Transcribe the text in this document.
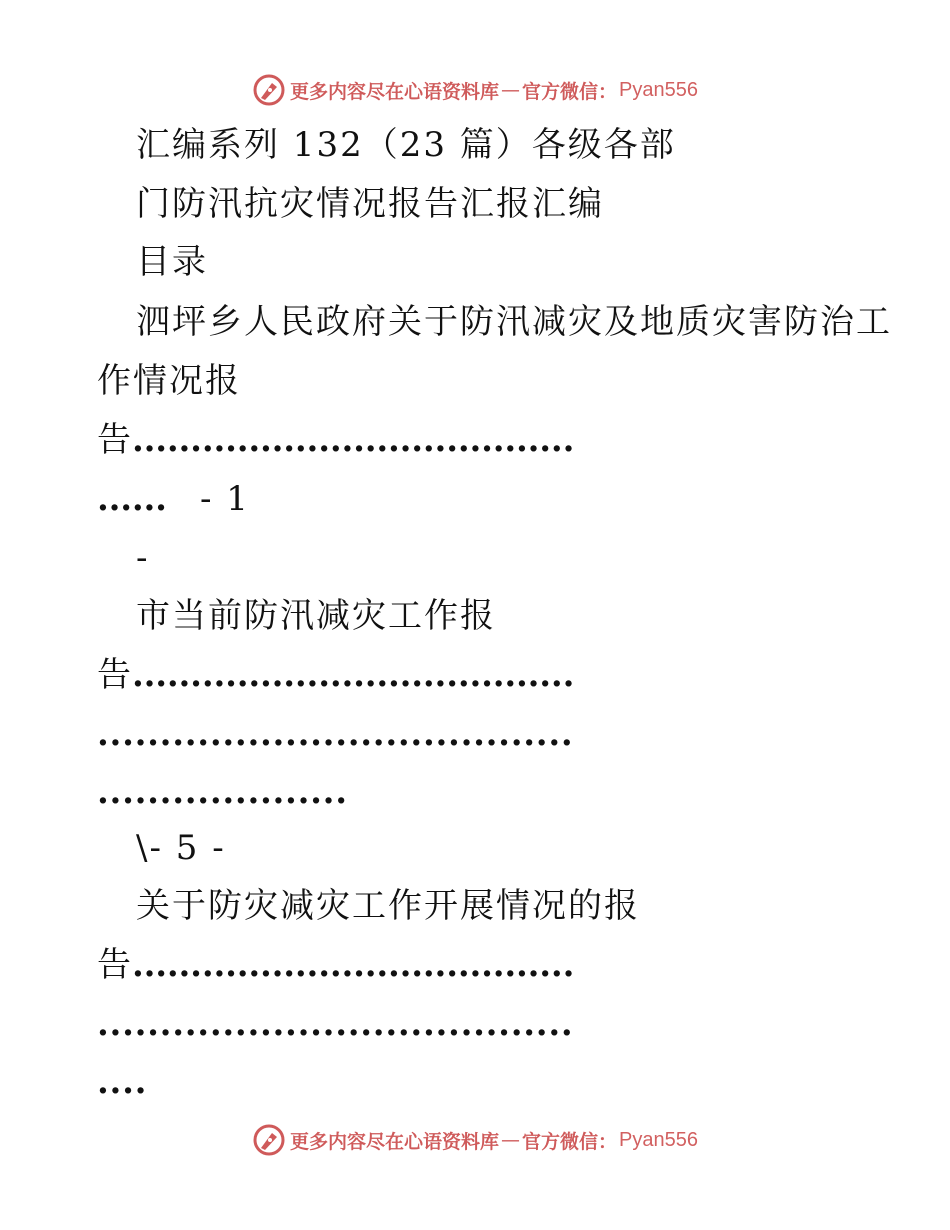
更多内容尽在心语资料库 — 官方微信： Pyan556
汇编系列 132（23 篇）各级各部
门防汛抗灾情况报告汇报汇编
目录
泗坪乡人民政府关于防汛减灾及地质灾害防治工
作情况报
告 ......................................
...... - 1
-
市当前防汛减灾工作报
告 ......................................
......................................
....................
\- 5 -
关于防灾减灾工作开展情况的报
告 ......................................
......................................
....
更多内容尽在心语资料库 — 官方微信： Pyan556
